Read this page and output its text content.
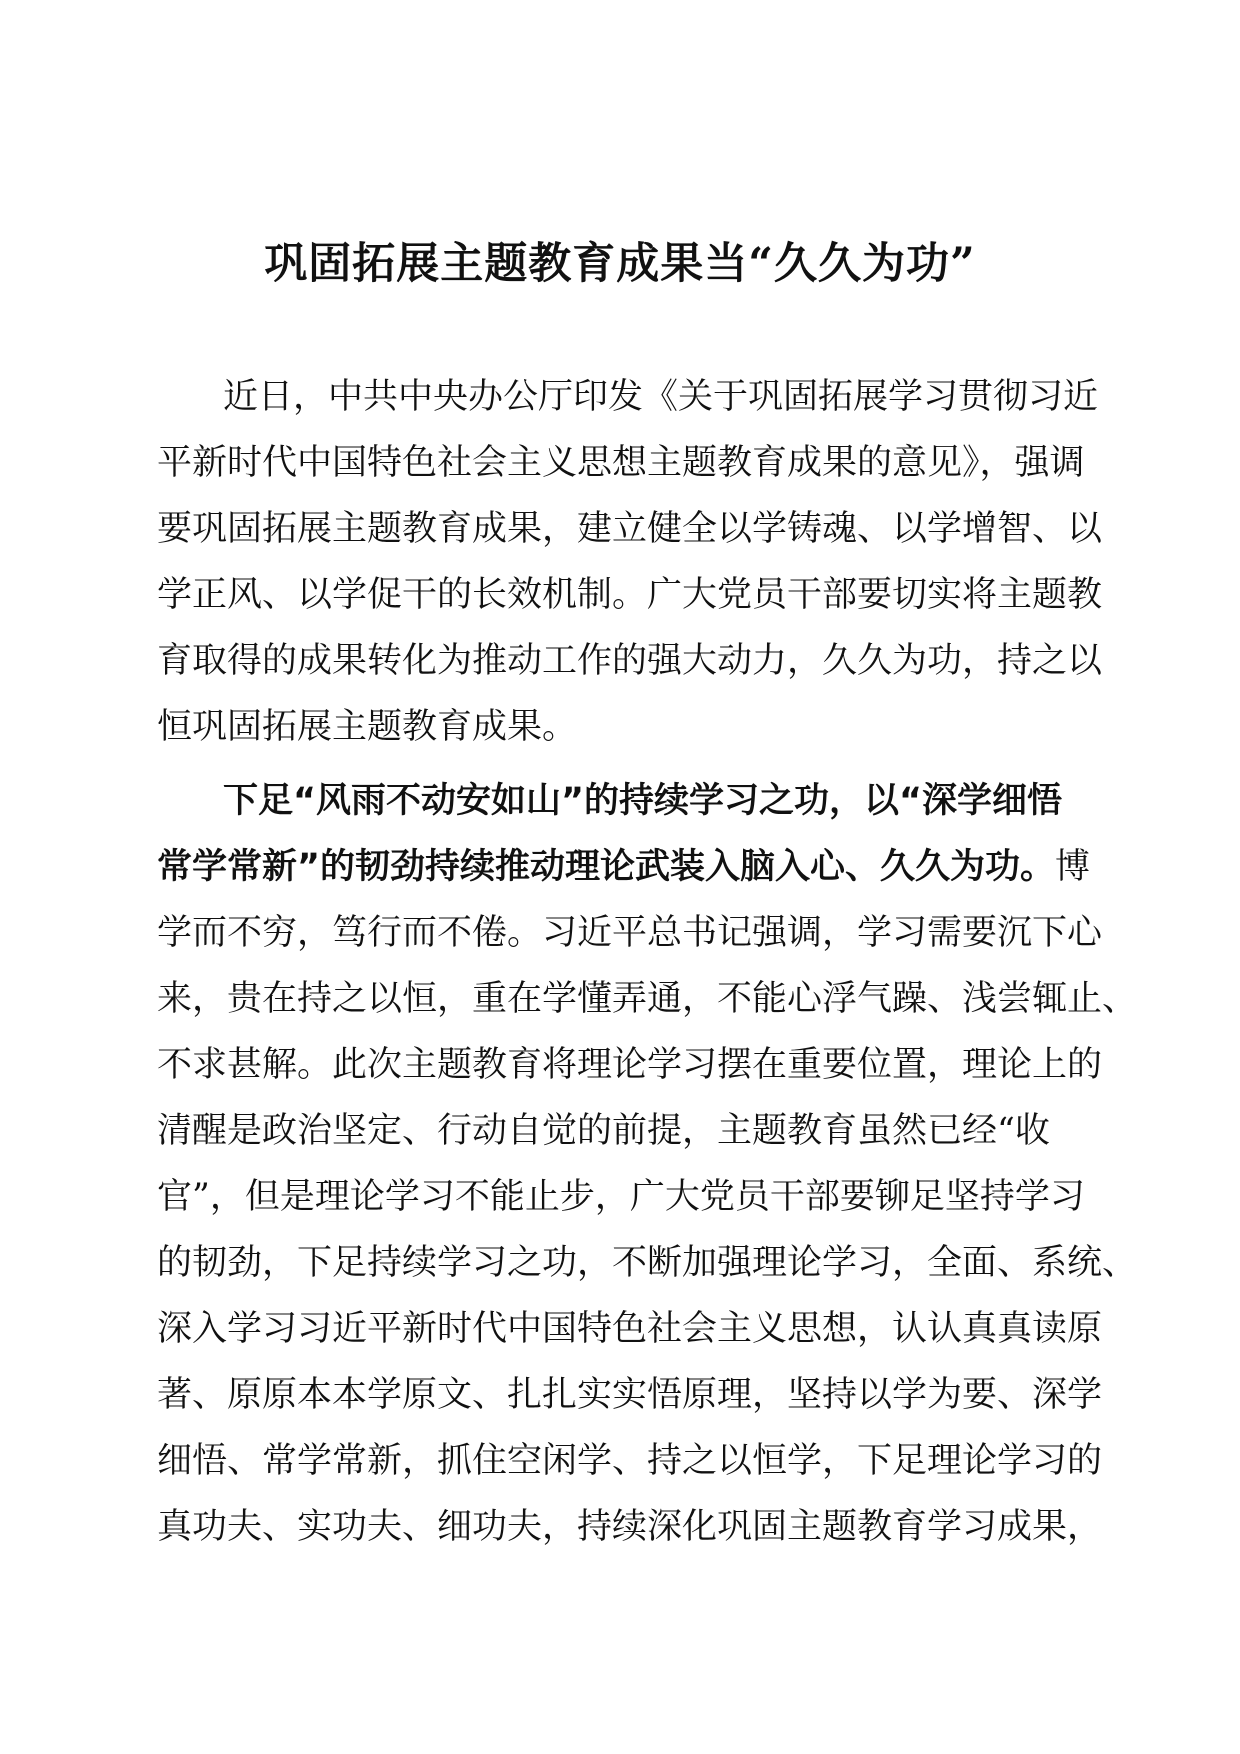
巩固拓展主题教育成果当“久久为功”

近日，中共中央办公厅印发《关于巩固拓展学习贯彻习近

平新时代中国特色社会主义思想主题教育成果的意见》，强调

要巩固拓展主题教育成果，建立健全以学铸魂、以学增智、以

学正风、以学促干的长效机制。广大党员干部要切实将主题教

育取得的成果转化为推动工作的强大动力，久久为功，持之以

恒巩固拓展主题教育成果。

下足“风雨不动安如山”的持续学习之功，以“深学细悟

常学常新”的韧劲持续推动理论武装入脑入心、久久为功。博

学而不穷，笃行而不倦。习近平总书记强调，学习需要沉下心

来，贵在持之以恒，重在学懂弄通，不能心浮气躁、浅尝辄止、

不求甚解。此次主题教育将理论学习摆在重要位置，理论上的

清醒是政治坚定、行动自觉的前提，主题教育虽然已经“收

官”，但是理论学习不能止步，广大党员干部要铆足坚持学习

的韧劲，下足持续学习之功，不断加强理论学习，全面、系统、

深入学习习近平新时代中国特色社会主义思想，认认真真读原

著、原原本本学原文、扎扎实实悟原理，坚持以学为要、深学

细悟、常学常新，抓住空闲学、持之以恒学，下足理论学习的

真功夫、实功夫、细功夫，持续深化巩固主题教育学习成果，
